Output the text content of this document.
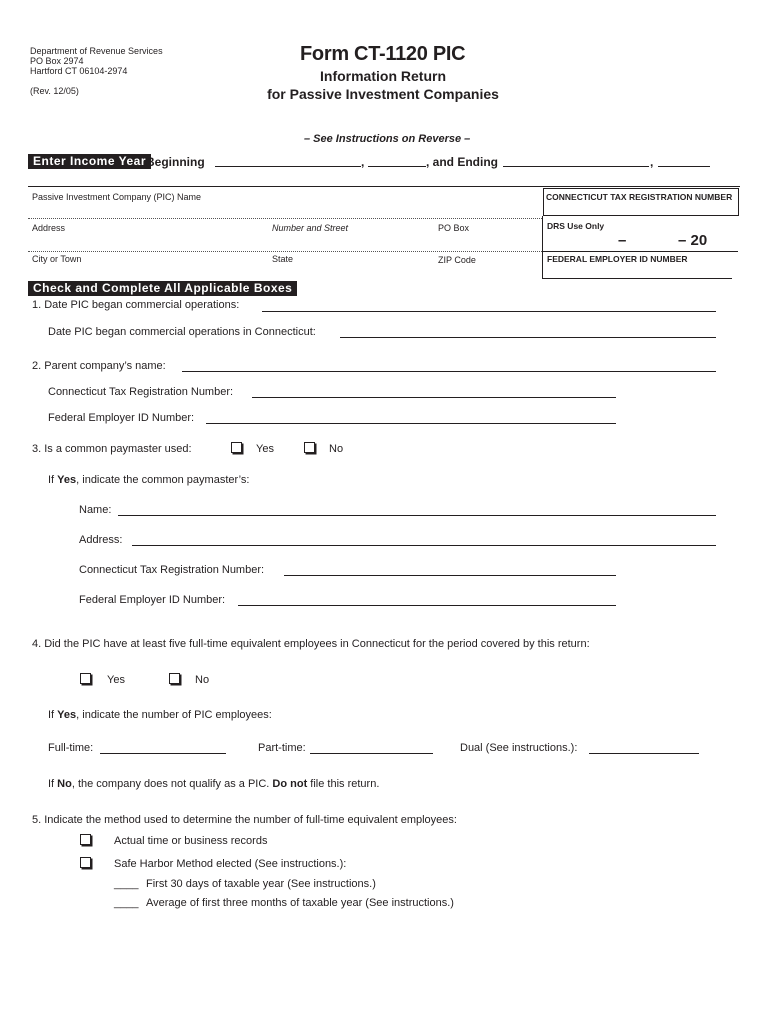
Department of Revenue Services
PO Box 2974
Hartford CT 06104-2974
(Rev. 12/05)
Form CT-1120 PIC
Information Return
for Passive Investment Companies
– See Instructions on Reverse –
Enter Income Year Beginning	,	, and Ending	,
Passive Investment Company (PIC) Name	CONNECTICUT TAX REGISTRATION NUMBER
Address	Number and Street	PO Box	DRS Use Only
–	– 20
City or Town	State	ZIP Code	FEDERAL EMPLOYER ID NUMBER
Check and Complete All Applicable Boxes
1. Date PIC began commercial operations:
Date PIC began commercial operations in Connecticut:
2. Parent company’s name:
Connecticut Tax Registration Number:
Federal Employer ID Number:
3. Is a common paymaster used:	Yes	No
If Yes, indicate the common paymaster’s:
Name:
Address:
Connecticut Tax Registration Number:
Federal Employer ID Number:
4. Did the PIC have at least five full-time equivalent employees in Connecticut for the period covered by this return:
Yes	No
If Yes, indicate the number of PIC employees:
Full-time:	Part-time:	Dual (See instructions.):
If No, the company does not qualify as a PIC. Do not file this return.
5. Indicate the method used to determine the number of full-time equivalent employees:
Actual time or business records
Safe Harbor Method elected (See instructions.):
____ First 30 days of taxable year (See instructions.)
____ Average of first three months of taxable year (See instructions.)
